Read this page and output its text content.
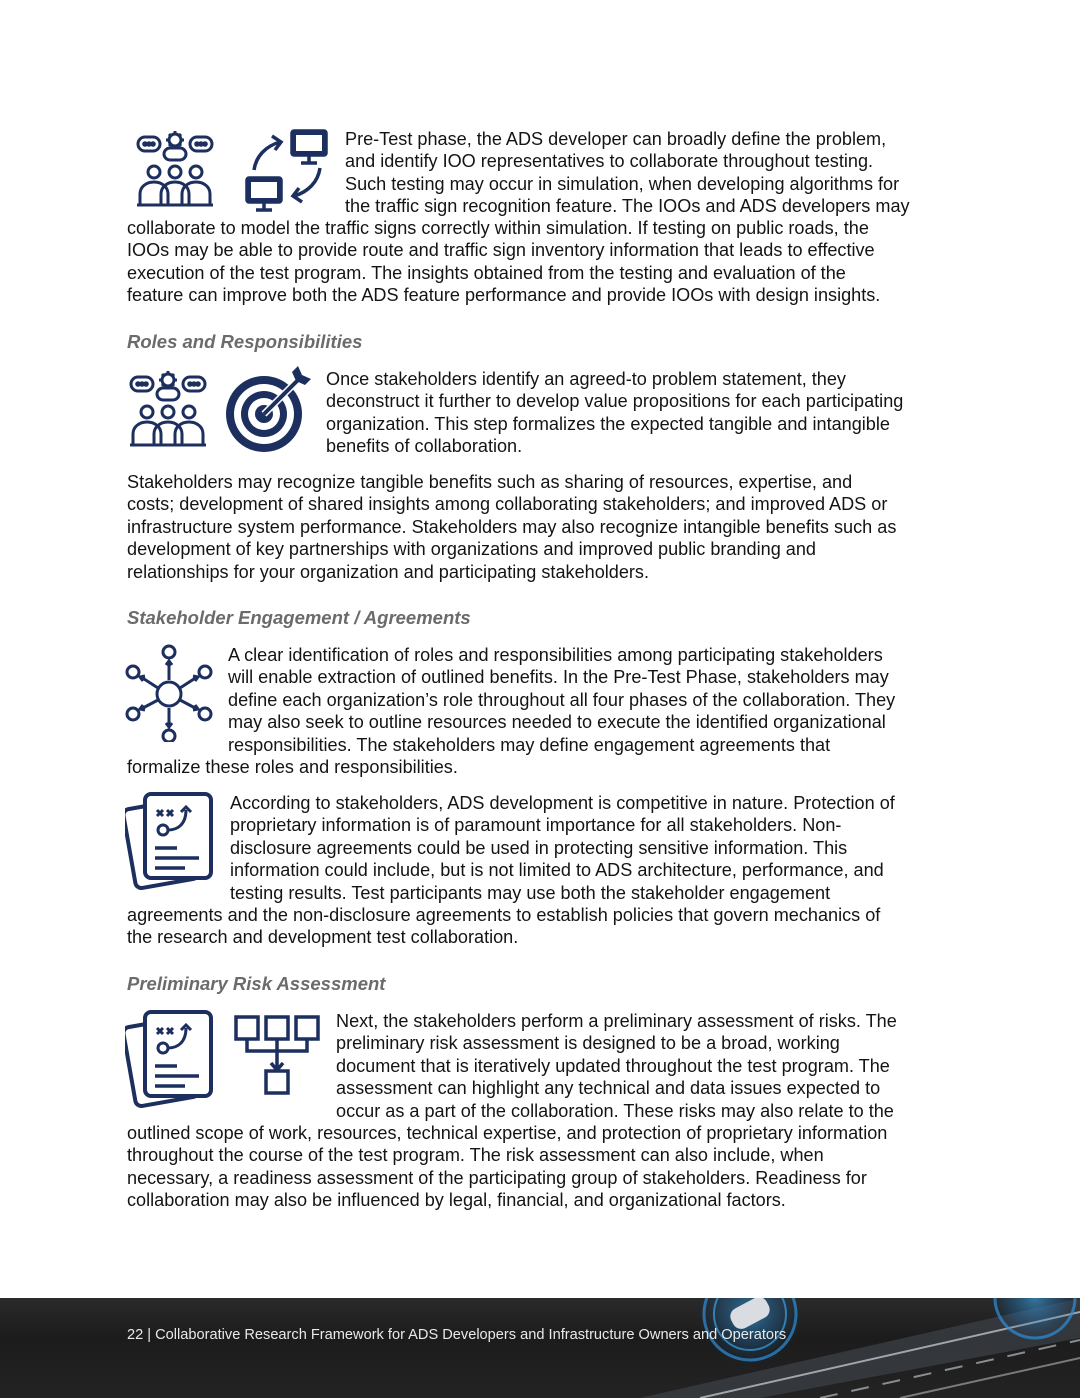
Pre-Test phase, the ADS developer can broadly define the problem,
and identify IOO representatives to collaborate throughout testing.
Such testing may occur in simulation, when developing algorithms for
the traffic sign recognition feature. The IOOs and ADS developers may
collaborate to model the traffic signs correctly within simulation. If testing on public roads, the
IOOs may be able to provide route and traffic sign inventory information that leads to effective
execution of the test program. The insights obtained from the testing and evaluation of the
feature can improve both the ADS feature performance and provide IOOs with design insights.
Roles and Responsibilities
Once stakeholders identify an agreed-to problem statement, they
deconstruct it further to develop value propositions for each participating
organization. This step formalizes the expected tangible and intangible
benefits of collaboration.
Stakeholders may recognize tangible benefits such as sharing of resources, expertise, and
costs; development of shared insights among collaborating stakeholders; and improved ADS or
infrastructure system performance. Stakeholders may also recognize intangible benefits such as
development of key partnerships with organizations and improved public branding and
relationships for your organization and participating stakeholders.
Stakeholder Engagement / Agreements
A clear identification of roles and responsibilities among participating stakeholders
will enable extraction of outlined benefits. In the Pre-Test Phase, stakeholders may
define each organization’s role throughout all four phases of the collaboration. They
may also seek to outline resources needed to execute the identified organizational
responsibilities. The stakeholders may define engagement agreements that
formalize these roles and responsibilities.
According to stakeholders, ADS development is competitive in nature. Protection of
proprietary information is of paramount importance for all stakeholders. Non-
disclosure agreements could be used in protecting sensitive information. This
information could include, but is not limited to ADS architecture, performance, and
testing results. Test participants may use both the stakeholder engagement
agreements and the non-disclosure agreements to establish policies that govern mechanics of
the research and development test collaboration.
Preliminary Risk Assessment
Next, the stakeholders perform a preliminary assessment of risks. The
preliminary risk assessment is designed to be a broad, working
document that is iteratively updated throughout the test program. The
assessment can highlight any technical and data issues expected to
occur as a part of the collaboration. These risks may also relate to the
outlined scope of work, resources, technical expertise, and protection of proprietary information
throughout the course of the test program. The risk assessment can also include, when
necessary, a readiness assessment of the participating group of stakeholders. Readiness for
collaboration may also be influenced by legal, financial, and organizational factors.
22 | Collaborative Research Framework for ADS Developers and Infrastructure Owners and Operators
